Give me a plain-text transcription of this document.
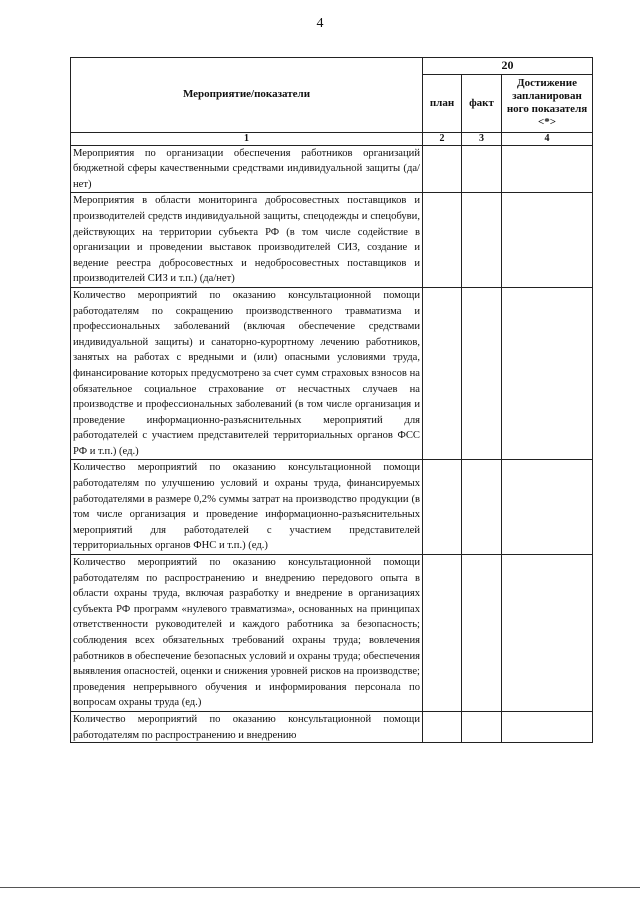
4
Мероприятие/показатели	20		
	план	факт	Достижение запланирован ного показателя <*>
1	2	3	4
Мероприятия по организации обеспечения работников организаций бюджетной сферы качественными средствами индивидуальной защиты (да/нет)			
Мероприятия в области мониторинга добросовестных поставщиков и производителей средств индивидуальной защиты, спецодежды и спецобуви, действующих на территории субъекта РФ (в том числе содействие в организации и проведении выставок производителей СИЗ, создание и ведение реестра добросовестных и недобросовестных поставщиков и производителей СИЗ и т.п.) (да/нет)			
Количество мероприятий по оказанию консультационной помощи работодателям по сокращению производственного травматизма и профессиональных заболеваний (включая обеспечение средствами индивидуальной защиты) и санаторно-курортному лечению работников, занятых на работах с вредными и (или) опасными условиями труда, финансирование которых предусмотрено за счет сумм страховых взносов на обязательное социальное страхование от несчастных случаев на производстве и профессиональных заболеваний (в том числе организация и проведение информационно-разъяснительных мероприятий для работодателей с участием представителей территориальных органов ФСС РФ и т.п.) (ед.)			
Количество мероприятий по оказанию консультационной помощи работодателям по улучшению условий и охраны труда, финансируемых работодателями в размере 0,2% суммы затрат на производство продукции (в том числе организация и проведение информационно-разъяснительных мероприятий для работодателей с участием представителей территориальных органов ФНС и т.п.) (ед.)			
Количество мероприятий по оказанию консультационной помощи работодателям по распространению и внедрению передового опыта в области охраны труда, включая разработку и внедрение в организациях субъекта РФ программ «нулевого травматизма», основанных на принципах ответственности руководителей и каждого работника за безопасность; соблюдения всех обязательных требований охраны труда; вовлечения работников в обеспечение безопасных условий и охраны труда; обеспечения выявления опасностей, оценки и снижения уровней рисков на производстве; проведения непрерывного обучения и информирования персонала по вопросам охраны труда (ед.)			

Количество мероприятий по оказанию консультационной помощи работодателям по распространению и внедрению			
